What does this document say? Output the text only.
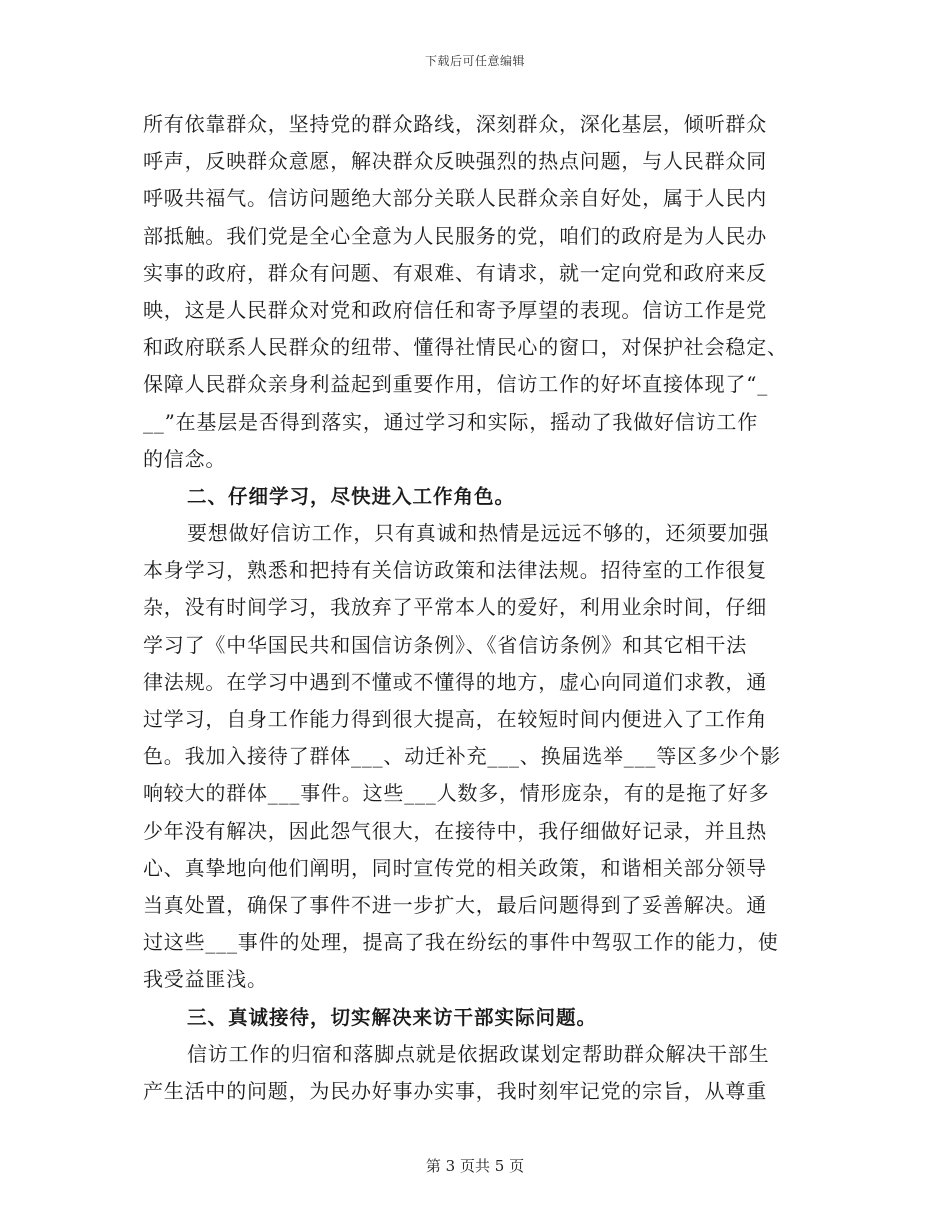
下载后可任意编辑
所有依靠群众，坚持党的群众路线，深刻群众，深化基层，倾听群众
呼声，反映群众意愿，解决群众反映强烈的热点问题，与人民群众同
呼吸共福气。信访问题绝大部分关联人民群众亲自好处，属于人民内
部抵触。我们党是全心全意为人民服务的党，咱们的政府是为人民办
实事的政府，群众有问题、有艰难、有请求，就一定向党和政府来反
映，这是人民群众对党和政府信任和寄予厚望的表现。信访工作是党
和政府联系人民群众的纽带、懂得社情民心的窗口，对保护社会稳定、
保障人民群众亲身利益起到重要作用，信访工作的好坏直接体现了“_
__”在基层是否得到落实，通过学习和实际，摇动了我做好信访工作
的信念。
二、仔细学习，尽快进入工作角色。
要想做好信访工作，只有真诚和热情是远远不够的，还须要加强
本身学习，熟悉和把持有关信访政策和法律法规。招待室的工作很复
杂，没有时间学习，我放弃了平常本人的爱好，利用业余时间，仔细
学习了《中华国民共和国信访条例》、《省信访条例》和其它相干法
律法规。在学习中遇到不懂或不懂得的地方，虚心向同道们求教，通
过学习，自身工作能力得到很大提高，在较短时间内便进入了工作角
色。我加入接待了群体___、动迁补充___、换届选举___等区多少个影
响较大的群体___事件。这些___人数多，情形庞杂，有的是拖了好多
少年没有解决，因此怨气很大，在接待中，我仔细做好记录，并且热
心、真挚地向他们阐明，同时宣传党的相关政策，和谐相关部分领导
当真处置，确保了事件不进一步扩大，最后问题得到了妥善解决。通
过这些___事件的处理，提高了我在纷纭的事件中驾驭工作的能力，使
我受益匪浅。
三、真诚接待，切实解决来访干部实际问题。
信访工作的归宿和落脚点就是依据政谋划定帮助群众解决干部生
产生活中的问题，为民办好事办实事，我时刻牢记党的宗旨，从尊重
第 3 页共 5 页
